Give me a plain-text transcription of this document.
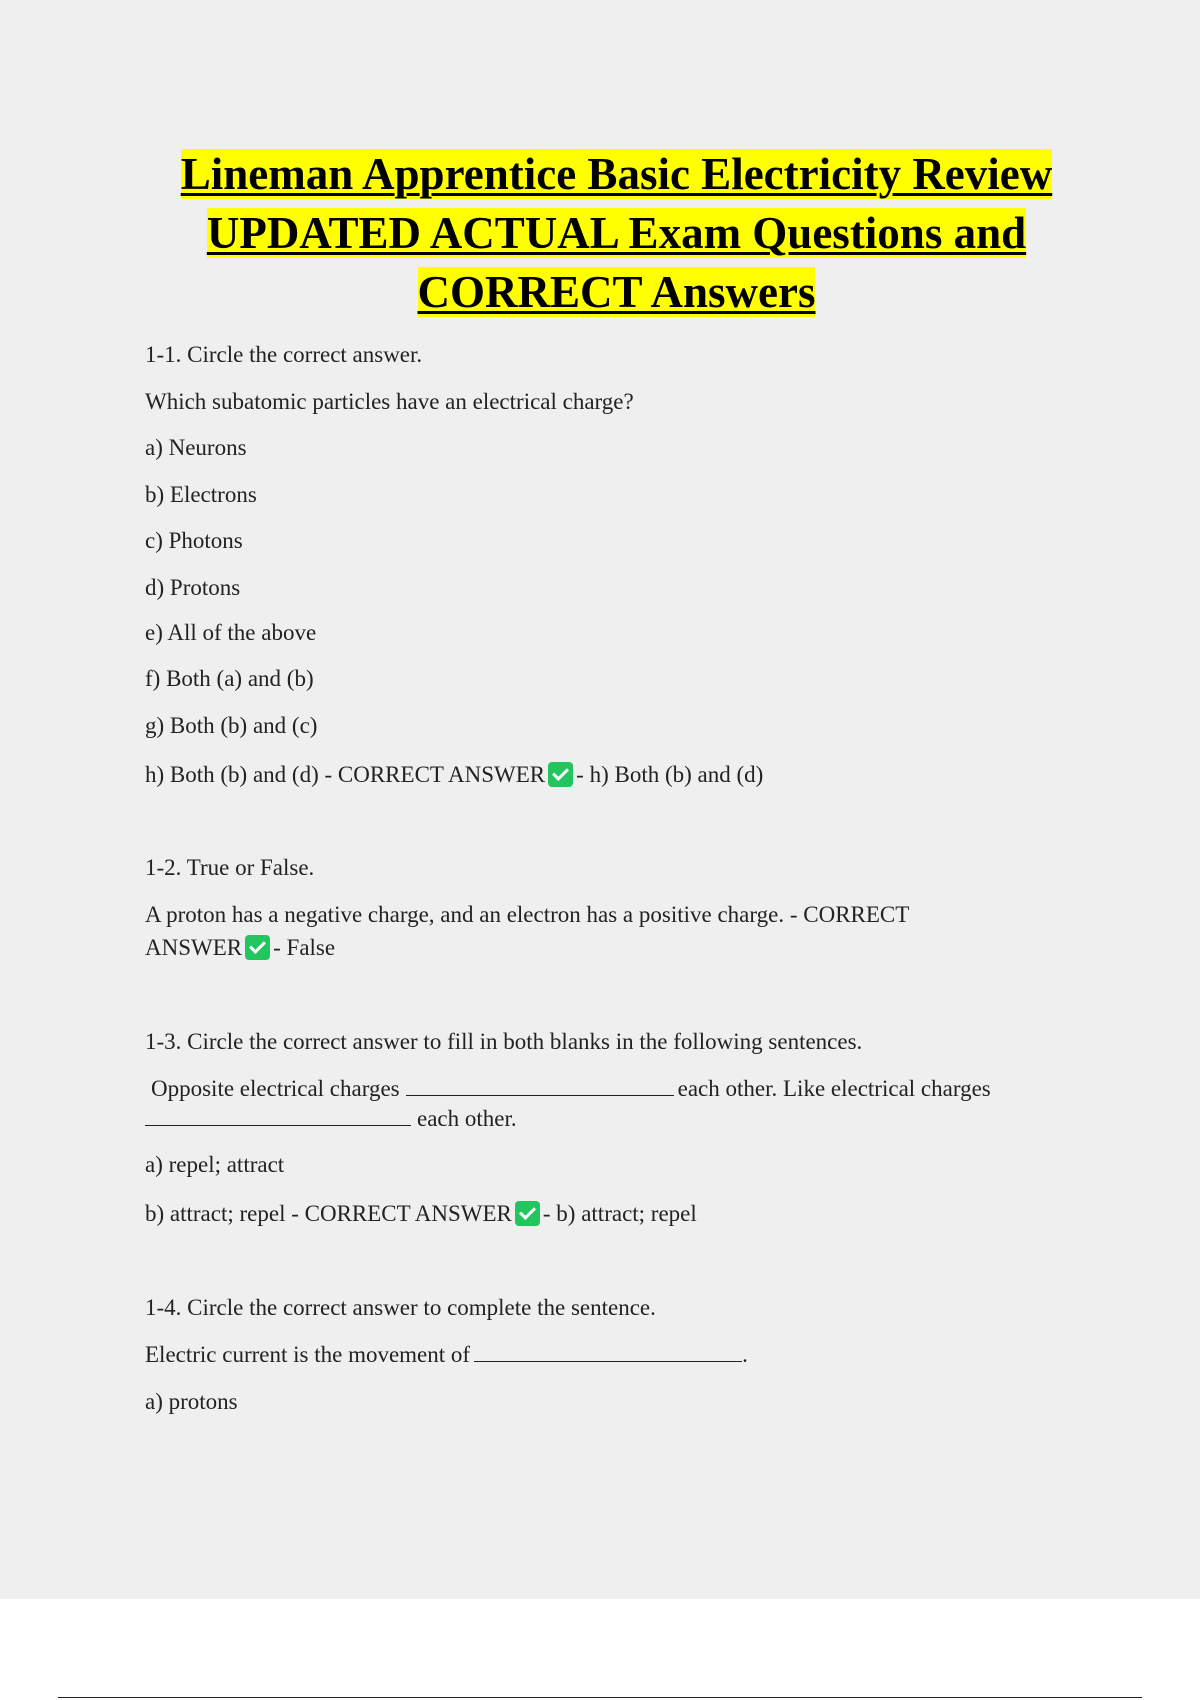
Lineman Apprentice Basic Electricity Review
UPDATED ACTUAL Exam Questions and
CORRECT Answers
1-1. Circle the correct answer.
Which subatomic particles have an electrical charge?
a) Neurons
b) Electrons
c) Photons
d) Protons
e) All of the above
f) Both (a) and (b)
g) Both (b) and (c)
h) Both (b) and (d) - CORRECT ANSWER - h) Both (b) and (d)
1-2. True or False.
A proton has a negative charge, and an electron has a positive charge. - CORRECT
ANSWER - False
1-3. Circle the correct answer to fill in both blanks in the following sentences.
Opposite electrical charges	each other. Like electrical charges
each other.
a) repel; attract
b) attract; repel - CORRECT ANSWER - b) attract; repel
1-4. Circle the correct answer to complete the sentence.
Electric current is the movement of	.
a) protons
